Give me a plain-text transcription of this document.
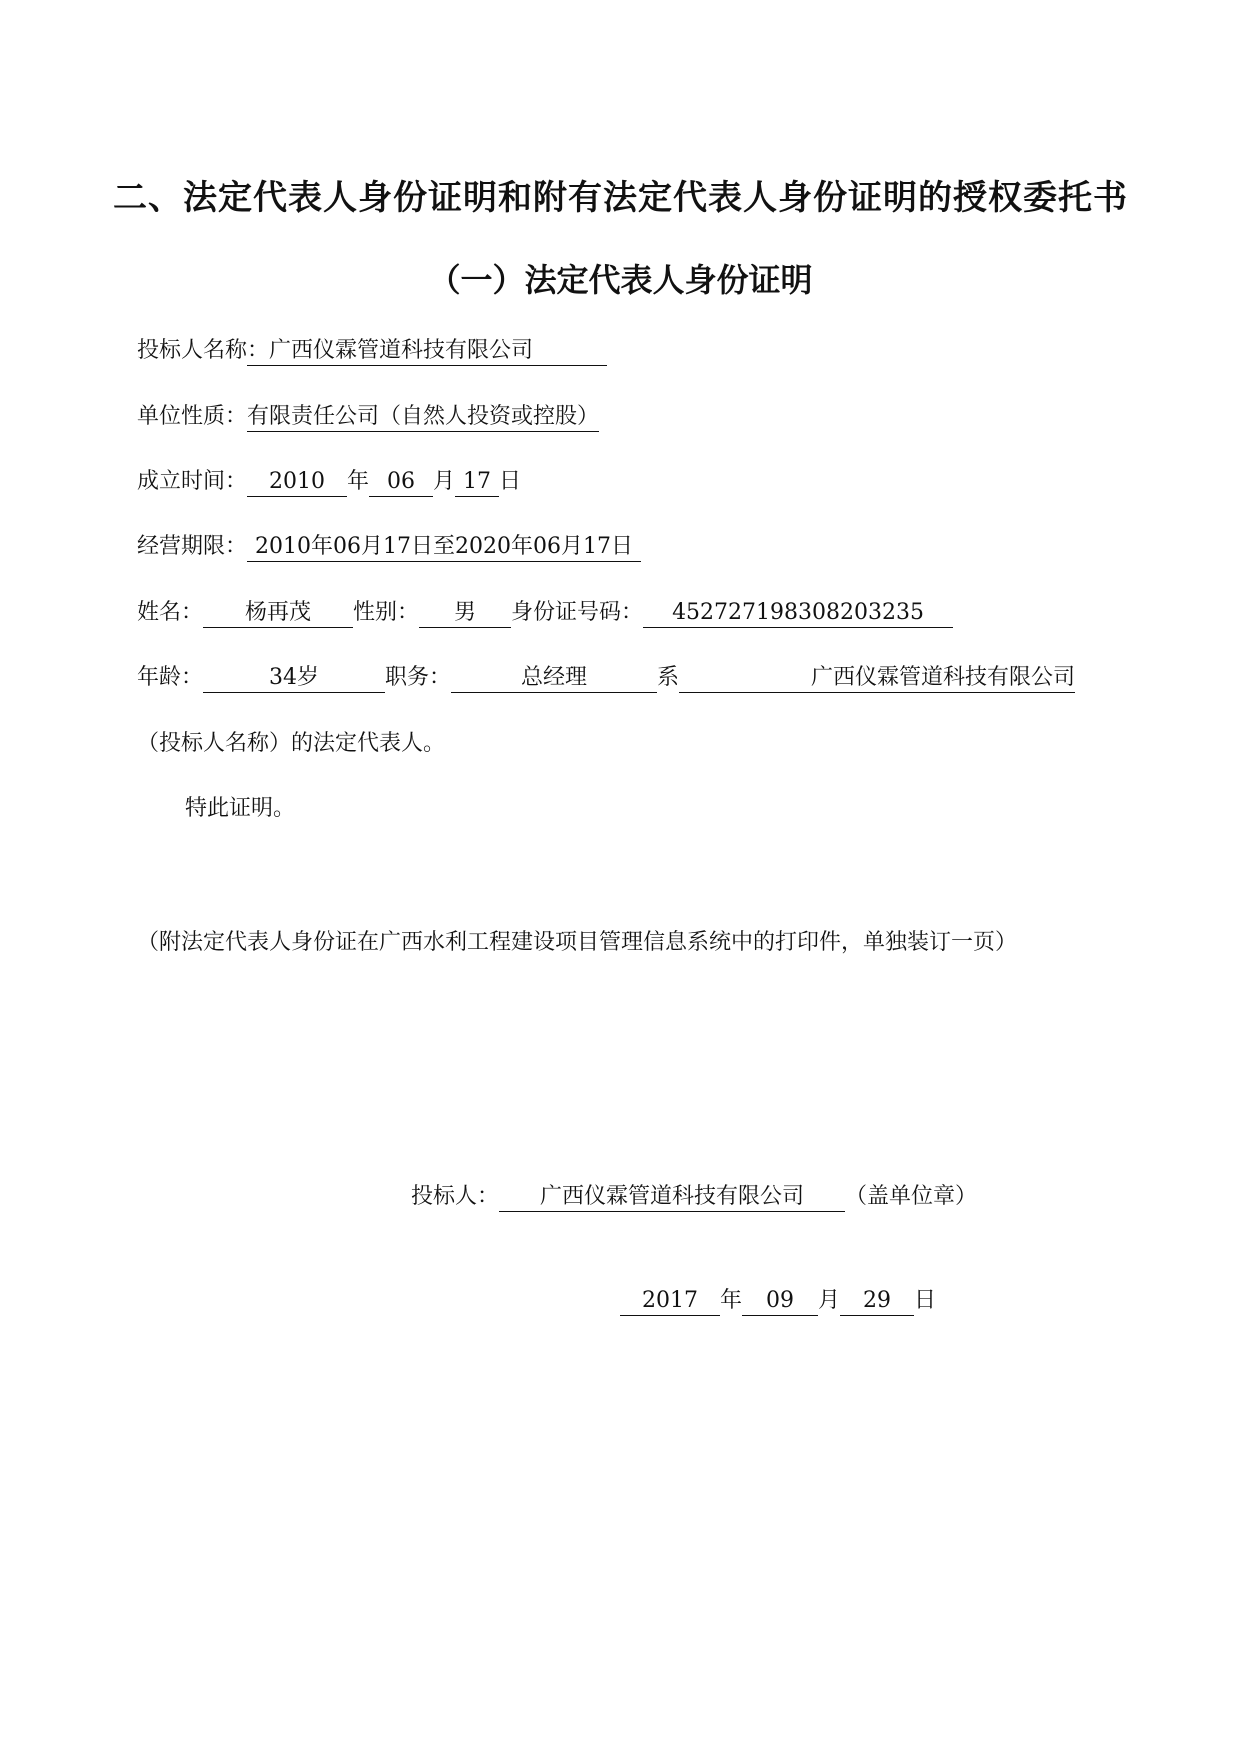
二、法定代表人身份证明和附有法定代表人身份证明的授权委托书
（一）法定代表人身份证明
投标人名称：广西仪霖管道科技有限公司
单位性质：有限责任公司（自然人投资或控股）
成立时间： 2010 年 06 月 17 日
经营期限： 2010年06月17日至2020年06月17日
姓名： 杨再茂 性别： 男 身份证号码： 452727198308203235
年龄：	34岁	职务：	总经理	系	广西仪霖管道科技有限公司
（投标人名称）的法定代表人。
特此证明。
（附法定代表人身份证在广西水利工程建设项目管理信息系统中的打印件，单独装订一页）
投标人： 广西仪霖管道科技有限公司 （盖单位章）
2017 年 09 月 29 日
